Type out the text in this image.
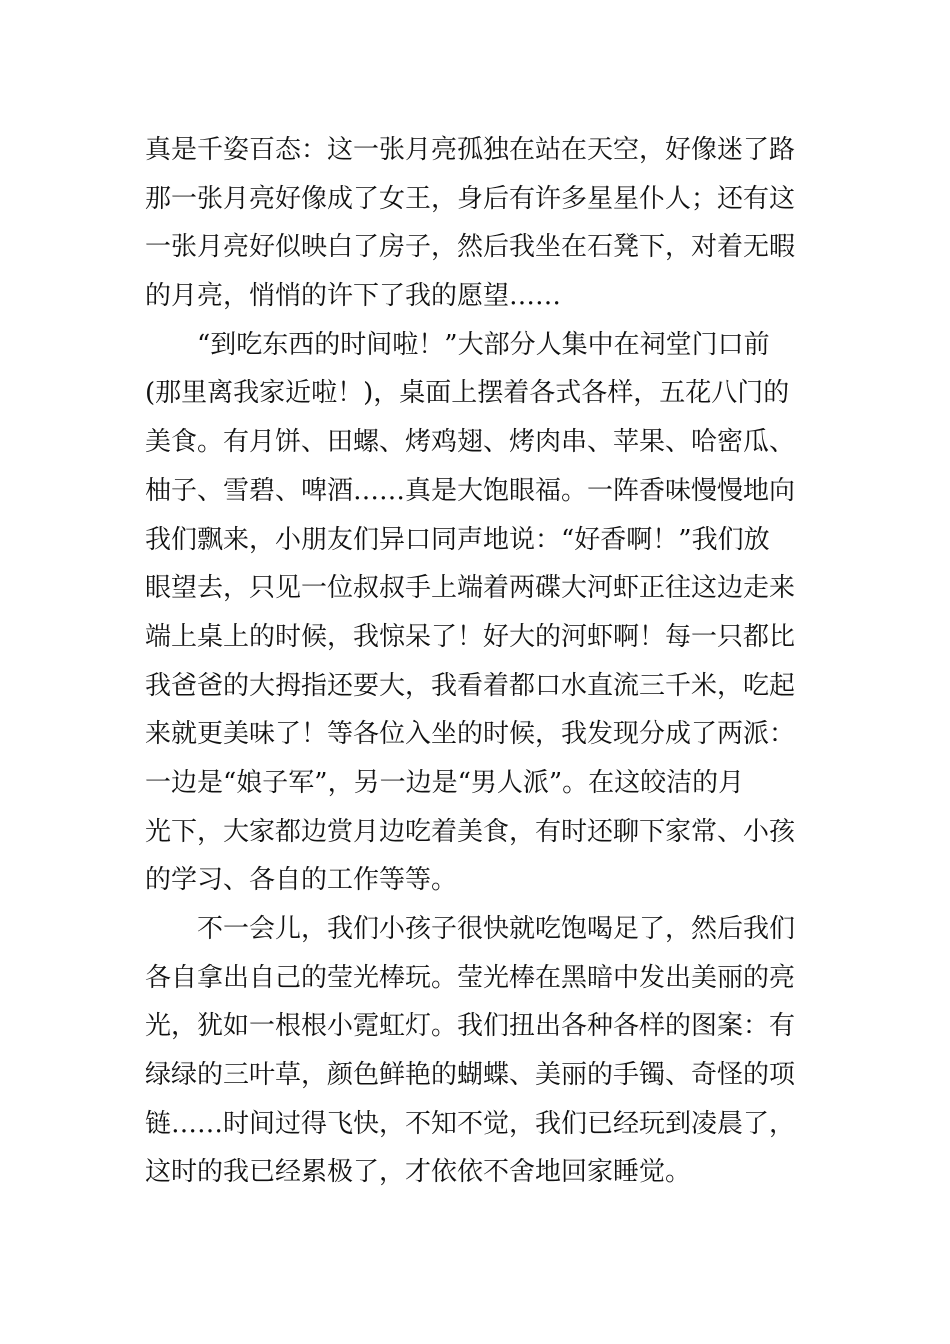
真是千姿百态：这一张月亮孤独在站在天空，好像迷了路
那一张月亮好像成了女王，身后有许多星星仆人；还有这
一张月亮好似映白了房子，然后我坐在石凳下，对着无暇
的月亮，悄悄的许下了我的愿望……
“到吃东西的时间啦！”大部分人集中在祠堂门口前
(那里离我家近啦！)，桌面上摆着各式各样，五花八门的
美食。有月饼、田螺、烤鸡翅、烤肉串、苹果、哈密瓜、
柚子、雪碧、啤酒……真是大饱眼福。一阵香味慢慢地向
我们飘来，小朋友们异口同声地说：“好香啊！”我们放
眼望去，只见一位叔叔手上端着两碟大河虾正往这边走来
端上桌上的时候，我惊呆了！好大的河虾啊！每一只都比
我爸爸的大拇指还要大，我看着都口水直流三千米，吃起
来就更美味了！等各位入坐的时候，我发现分成了两派：
一边是“娘子军”，另一边是“男人派”。在这皎洁的月
光下，大家都边赏月边吃着美食，有时还聊下家常、小孩
的学习、各自的工作等等。
不一会儿，我们小孩子很快就吃饱喝足了，然后我们
各自拿出自己的莹光棒玩。莹光棒在黑暗中发出美丽的亮
光，犹如一根根小霓虹灯。我们扭出各种各样的图案：有
绿绿的三叶草，颜色鲜艳的蝴蝶、美丽的手镯、奇怪的项
链……时间过得飞快，不知不觉，我们已经玩到凌晨了，
这时的我已经累极了，才依依不舍地回家睡觉。
